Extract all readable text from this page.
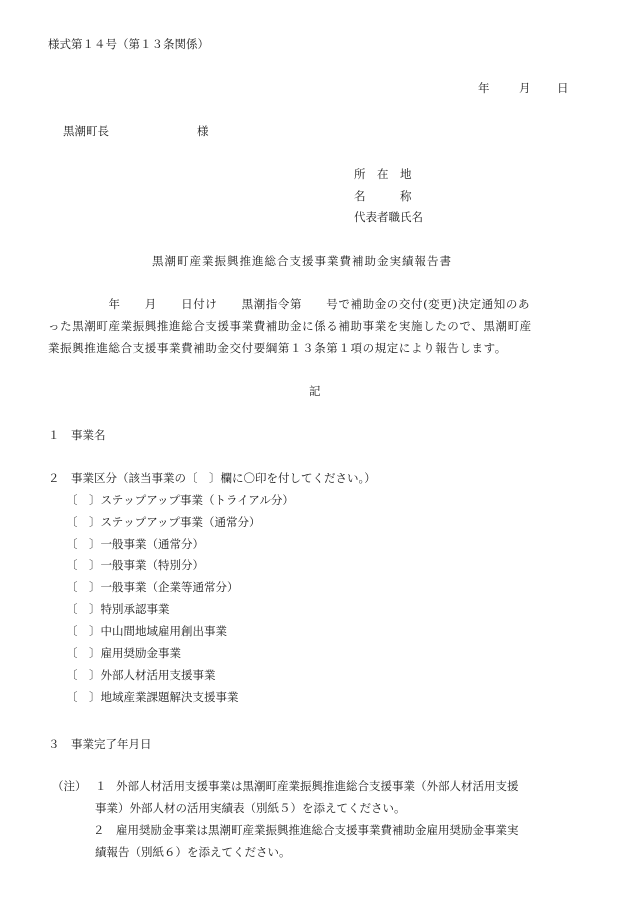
様式第１４号（第１３条関係）
年	月 日
黒潮町長	様
所　在　地
名　　　称
代表者職氏名
黒潮町産業振興推進総合支援事業費補助金実績報告書
　　　　　年　　月　　日付け　　黒潮指令第　　号で補助金の交付(変更)決定通知のあ
った黒潮町産業振興推進総合支援事業費補助金に係る補助事業を実施したので、黒潮町産
業振興推進総合支援事業費補助金交付要綱第１３条第１項の規定により報告します。
記
１　事業名
２　事業区分（該当事業の〔　〕欄に〇印を付してください。）
〔　〕ステップアップ事業（トライアル分）
〔　〕ステップアップ事業（通常分）
〔　〕一般事業（通常分）
〔　〕一般事業（特別分）
〔　〕一般事業（企業等通常分）
〔　〕特別承認事業
〔　〕中山間地域雇用創出事業
〔　〕雇用奨励金事業
〔　〕外部人材活用支援事業
〔　〕地域産業課題解決支援事業
３　事業完了年月日
（注） １ 外部人材活用支援事業は黒潮町産業振興推進総合支援事業（外部人材活用支援
事業）外部人材の活用実績表（別紙５）を添えてください。
２ 雇用奨励金事業は黒潮町産業振興推進総合支援事業費補助金雇用奨励金事業実
績報告（別紙６）を添えてください。
